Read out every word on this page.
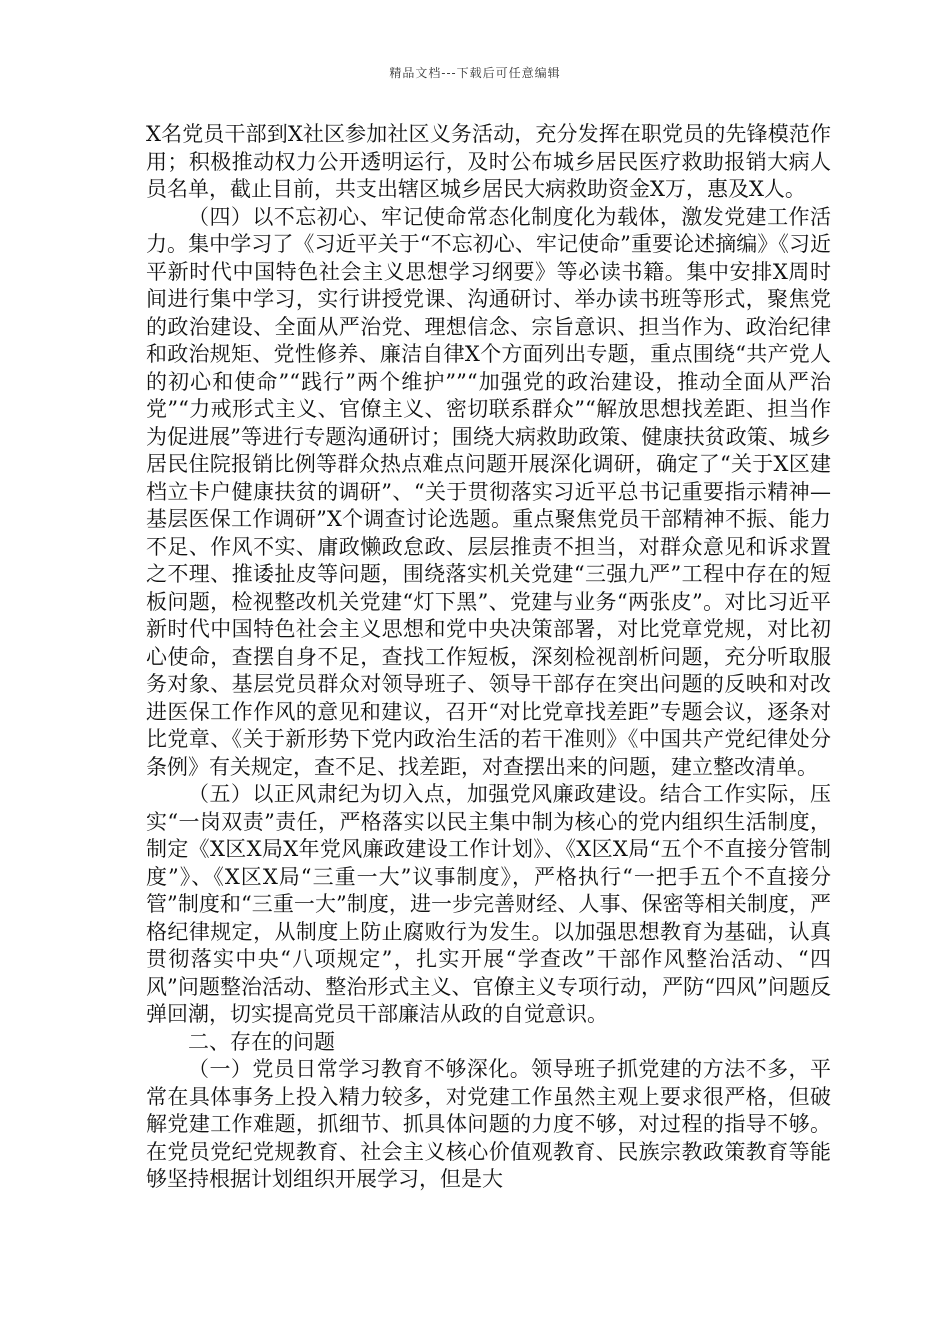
精品文档---下载后可任意编辑

X名党员干部到X社区参加社区义务活动，充分发挥在职党员的先锋模范作用；积极推动权力公开透明运行，及时公布城乡居民医疗救助报销大病人员名单，截止目前，共支出辖区城乡居民大病救助资金X万，惠及X人。

（四）以不忘初心、牢记使命常态化制度化为载体，激发党建工作活力。集中学习了《习近平关于“不忘初心、牢记使命”重要论述摘编》《习近平新时代中国特色社会主义思想学习纲要》等必读书籍。集中安排X周时间进行集中学习，实行讲授党课、沟通研讨、举办读书班等形式，聚焦党的政治建设、全面从严治党、理想信念、宗旨意识、担当作为、政治纪律和政治规矩、党性修养、廉洁自律X个方面列出专题，重点围绕“共产党人的初心和使命”“践行”两个维护””“加强党的政治建设，推动全面从严治党”“力戒形式主义、官僚主义、密切联系群众”“解放思想找差距、担当作为促进展”等进行专题沟通研讨；围绕大病救助政策、健康扶贫政策、城乡居民住院报销比例等群众热点难点问题开展深化调研，确定了“关于X区建档立卡户健康扶贫的调研”、“关于贯彻落实习近平总书记重要指示精神—基层医保工作调研”X个调查讨论选题。重点聚焦党员干部精神不振、能力不足、作风不实、庸政懒政怠政、层层推责不担当，对群众意见和诉求置之不理、推诿扯皮等问题，围绕落实机关党建“三强九严”工程中存在的短板问题，检视整改机关党建“灯下黑”、党建与业务“两张皮”。对比习近平新时代中国特色社会主义思想和党中央决策部署，对比党章党规，对比初心使命，查摆自身不足，查找工作短板，深刻检视剖析问题，充分听取服务对象、基层党员群众对领导班子、领导干部存在突出问题的反映和对改进医保工作作风的意见和建议，召开“对比党章找差距”专题会议，逐条对比党章、《关于新形势下党内政治生活的若干准则》《中国共产党纪律处分条例》有关规定，查不足、找差距，对查摆出来的问题，建立整改清单。

（五）以正风肃纪为切入点，加强党风廉政建设。结合工作实际，压实“一岗双责”责任，严格落实以民主集中制为核心的党内组织生活制度，制定《X区X局X年党风廉政建设工作计划》、《X区X局“五个不直接分管制度”》、《X区X局“三重一大”议事制度》，严格执行“一把手五个不直接分管”制度和“三重一大”制度，进一步完善财经、人事、保密等相关制度，严格纪律规定，从制度上防止腐败行为发生。以加强思想教育为基础，认真贯彻落实中央“八项规定”，扎实开展“学查改”干部作风整治活动、“四风”问题整治活动、整治形式主义、官僚主义专项行动，严防“四风”问题反弹回潮，切实提高党员干部廉洁从政的自觉意识。

二、存在的问题

（一）党员日常学习教育不够深化。领导班子抓党建的方法不多，平常在具体事务上投入精力较多，对党建工作虽然主观上要求很严格，但破解党建工作难题，抓细节、抓具体问题的力度不够，对过程的指导不够。在党员党纪党规教育、社会主义核心价值观教育、民族宗教政策教育等能够坚持根据计划组织开展学习，但是大
